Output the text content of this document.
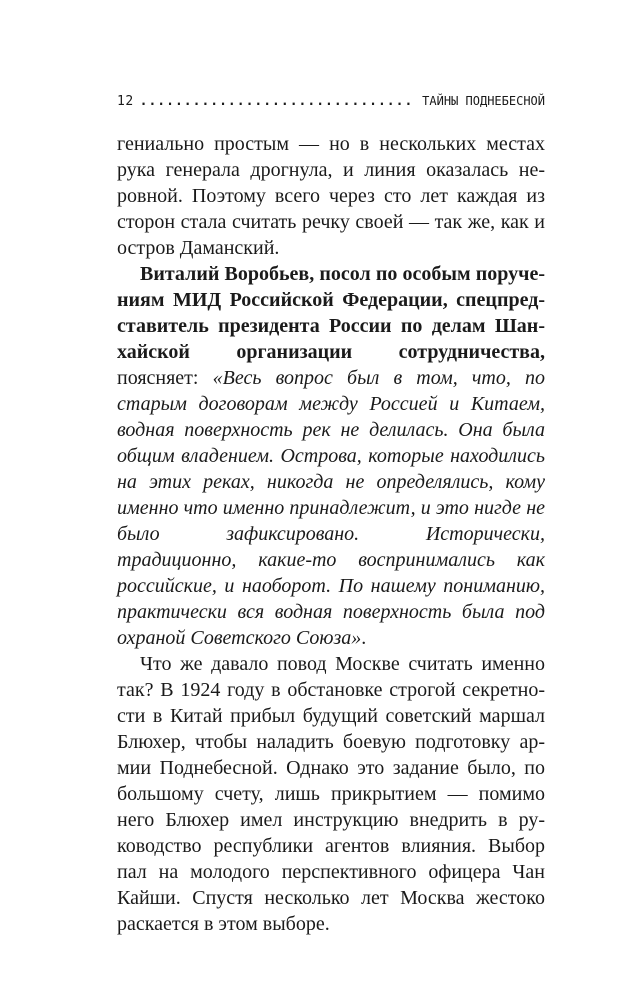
12
.....	ТАЙНЫ ПОДНЕБЕСНОЙ

гениально простым — но в нескольких местах рука генерала дрогнула, и линия оказалась неровной. Поэтому всего через сто лет каждая из сторон стала считать речку своей — так же, как и остров Даманский.

Виталий Воробьев, посол по особым поручениям МИД Российской Федерации, спецпредставитель президента России по делам Шанхайской организации сотрудничества, поясняет: «Весь вопрос был в том, что, по старым договорам между Россией и Китаем, водная поверхность рек не делилась. Она была общим владением. Острова, которые находились на этих реках, никогда не определялись, кому именно что именно принадлежит, и это нигде не было зафиксировано. Исторически, традиционно, какие-то воспринимались как российские, и наоборот. По нашему пониманию, практически вся водная поверхность была под охраной Советского Союза».

Что же давало повод Москве считать именно так? В 1924 году в обстановке строгой секретности в Китай прибыл будущий советский маршал Блюхер, чтобы наладить боевую подготовку армии Поднебесной. Однако это задание было, по большому счету, лишь прикрытием — помимо него Блюхер имел инструкцию внедрить в руководство республики агентов влияния. Выбор пал на молодого перспективного офицера Чан Кайши. Спустя несколько лет Москва жестоко раскается в этом выборе.
